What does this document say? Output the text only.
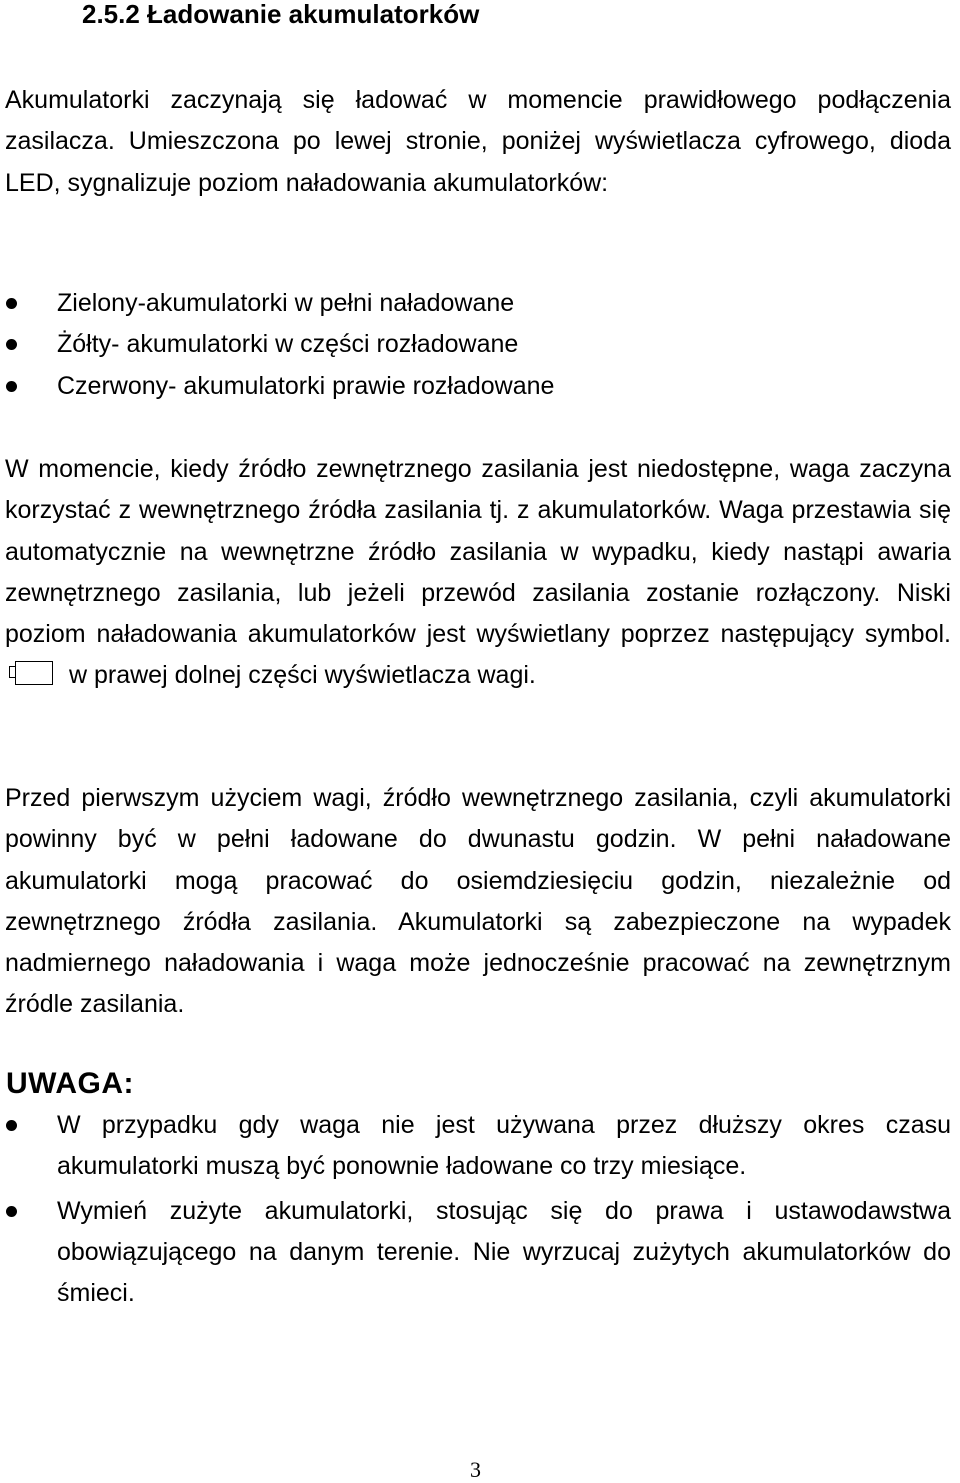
2.5.2 Ładowanie akumulatorków

Akumulatorki zaczynają się ładować w momencie prawidłowego podłączenia zasilacza. Umieszczona po lewej stronie, poniżej wyświetlacza cyfrowego, dioda LED, sygnalizuje poziom naładowania akumulatorków:

Zielony-akumulatorki w pełni naładowane
Żółty- akumulatorki w części rozładowane
Czerwony- akumulatorki prawie rozładowane

W momencie, kiedy źródło zewnętrznego zasilania jest niedostępne, waga zaczyna korzystać z wewnętrznego źródła zasilania tj. z akumulatorków. Waga przestawia się automatycznie na wewnętrzne źródło zasilania w wypadku, kiedy nastąpi awaria zewnętrznego zasilania, lub jeżeli przewód zasilania zostanie rozłączony. Niski poziom naładowania akumulatorków jest wyświetlany poprzez następujący symbol.
w prawej dolnej części wyświetlacza wagi.

Przed pierwszym użyciem wagi, źródło wewnętrznego zasilania, czyli akumulatorki powinny być w pełni ładowane do dwunastu godzin. W pełni naładowane akumulatorki mogą pracować do osiemdziesięciu godzin, niezależnie od zewnętrznego źródła zasilania. Akumulatorki są zabezpieczone na wypadek nadmiernego naładowania i waga może jednocześnie pracować na zewnętrznym źródle zasilania.

UWAGA:
W przypadku gdy waga nie jest używana przez dłuższy okres czasu akumulatorki muszą być ponownie ładowane co trzy miesiące.
Wymień zużyte akumulatorki, stosując się do prawa i ustawodawstwa obowiązującego na danym terenie. Nie wyrzucaj zużytych akumulatorków do śmieci.
3
